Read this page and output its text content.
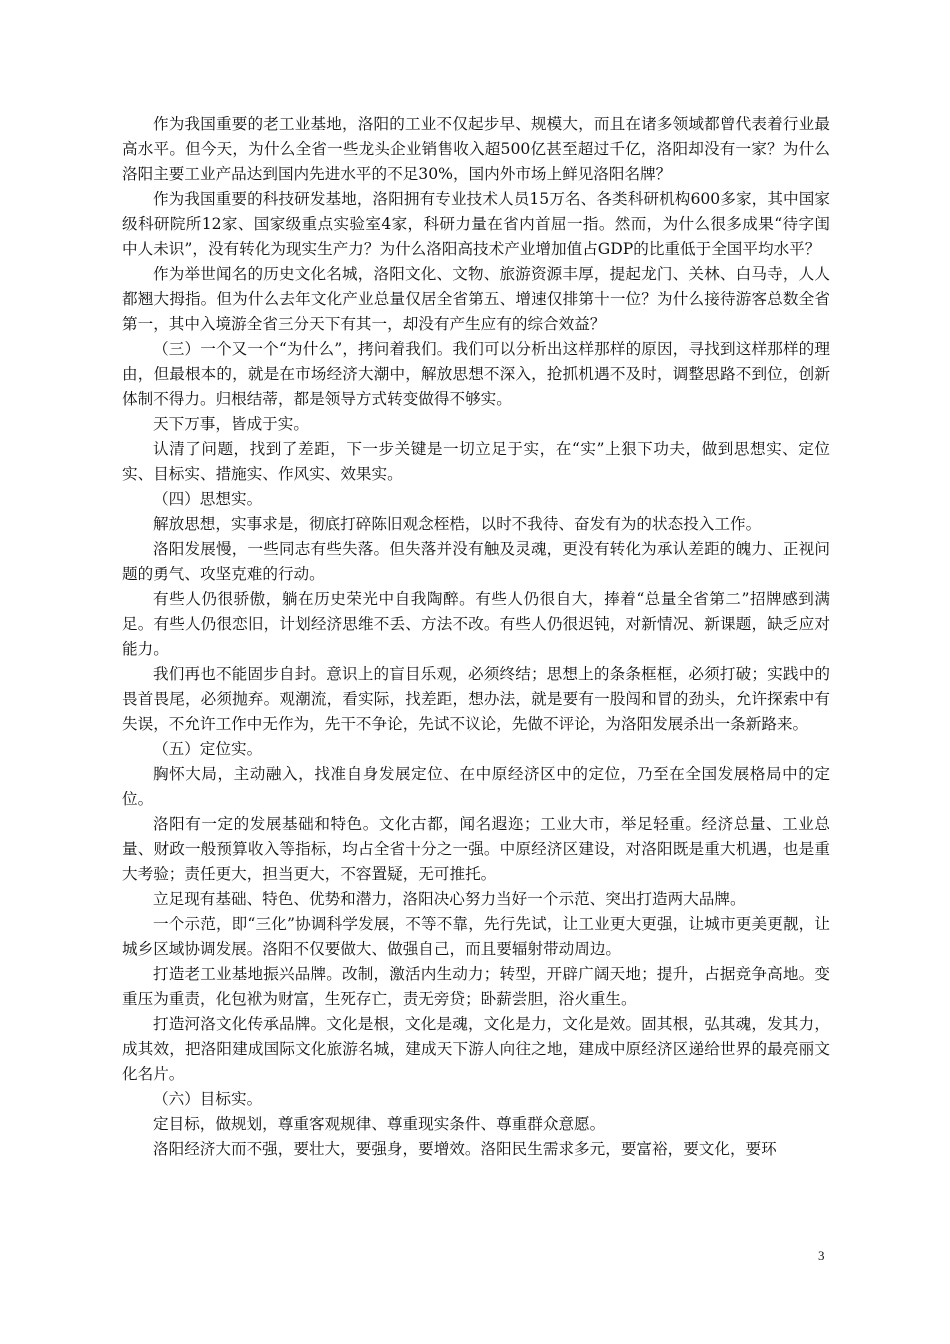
作为我国重要的老工业基地，洛阳的工业不仅起步早、规模大，而且在诸多领域都曾代表着行业最高水平。但今天，为什么全省一些龙头企业销售收入超500亿甚至超过千亿，洛阳却没有一家？为什么洛阳主要工业产品达到国内先进水平的不足30%，国内外市场上鲜见洛阳名牌？

作为我国重要的科技研发基地，洛阳拥有专业技术人员15万名、各类科研机构600多家，其中国家级科研院所12家、国家级重点实验室4家，科研力量在省内首屈一指。然而，为什么很多成果“待字闺中人未识”，没有转化为现实生产力？为什么洛阳高技术产业增加值占GDP的比重低于全国平均水平？

作为举世闻名的历史文化名城，洛阳文化、文物、旅游资源丰厚，提起龙门、关林、白马寺，人人都翘大拇指。但为什么去年文化产业总量仅居全省第五、增速仅排第十一位？为什么接待游客总数全省第一，其中入境游全省三分天下有其一，却没有产生应有的综合效益？

（三）一个又一个“为什么”，拷问着我们。我们可以分析出这样那样的原因，寻找到这样那样的理由，但最根本的，就是在市场经济大潮中，解放思想不深入，抢抓机遇不及时，调整思路不到位，创新体制不得力。归根结蒂，都是领导方式转变做得不够实。

天下万事，皆成于实。

认清了问题，找到了差距，下一步关键是一切立足于实，在“实”上狠下功夫，做到思想实、定位实、目标实、措施实、作风实、效果实。

（四）思想实。

解放思想，实事求是，彻底打碎陈旧观念桎梏，以时不我待、奋发有为的状态投入工作。

洛阳发展慢，一些同志有些失落。但失落并没有触及灵魂，更没有转化为承认差距的魄力、正视问题的勇气、攻坚克难的行动。

有些人仍很骄傲，躺在历史荣光中自我陶醉。有些人仍很自大，捧着“总量全省第二”招牌感到满足。有些人仍很恋旧，计划经济思维不丢、方法不改。有些人仍很迟钝，对新情况、新课题，缺乏应对能力。

我们再也不能固步自封。意识上的盲目乐观，必须终结；思想上的条条框框，必须打破；实践中的畏首畏尾，必须抛弃。观潮流，看实际，找差距，想办法，就是要有一股闯和冒的劲头，允许探索中有失误，不允许工作中无作为，先干不争论，先试不议论，先做不评论，为洛阳发展杀出一条新路来。

（五）定位实。

胸怀大局，主动融入，找准自身发展定位、在中原经济区中的定位，乃至在全国发展格局中的定位。

洛阳有一定的发展基础和特色。文化古都，闻名遐迩；工业大市，举足轻重。经济总量、工业总量、财政一般预算收入等指标，均占全省十分之一强。中原经济区建设，对洛阳既是重大机遇，也是重大考验；责任更大，担当更大，不容置疑，无可推托。

立足现有基础、特色、优势和潜力，洛阳决心努力当好一个示范、突出打造两大品牌。

一个示范，即“三化”协调科学发展，不等不靠，先行先试，让工业更大更强，让城市更美更靓，让城乡区域协调发展。洛阳不仅要做大、做强自己，而且要辐射带动周边。

打造老工业基地振兴品牌。改制，激活内生动力；转型，开辟广阔天地；提升，占据竞争高地。变重压为重责，化包袱为财富，生死存亡，责无旁贷；卧薪尝胆，浴火重生。

打造河洛文化传承品牌。文化是根，文化是魂，文化是力，文化是效。固其根，弘其魂，发其力，成其效，把洛阳建成国际文化旅游名城，建成天下游人向往之地，建成中原经济区递给世界的最亮丽文化名片。

（六）目标实。

定目标，做规划，尊重客观规律、尊重现实条件、尊重群众意愿。

洛阳经济大而不强，要壮大，要强身，要增效。洛阳民生需求多元，要富裕，要文化，要环

3
